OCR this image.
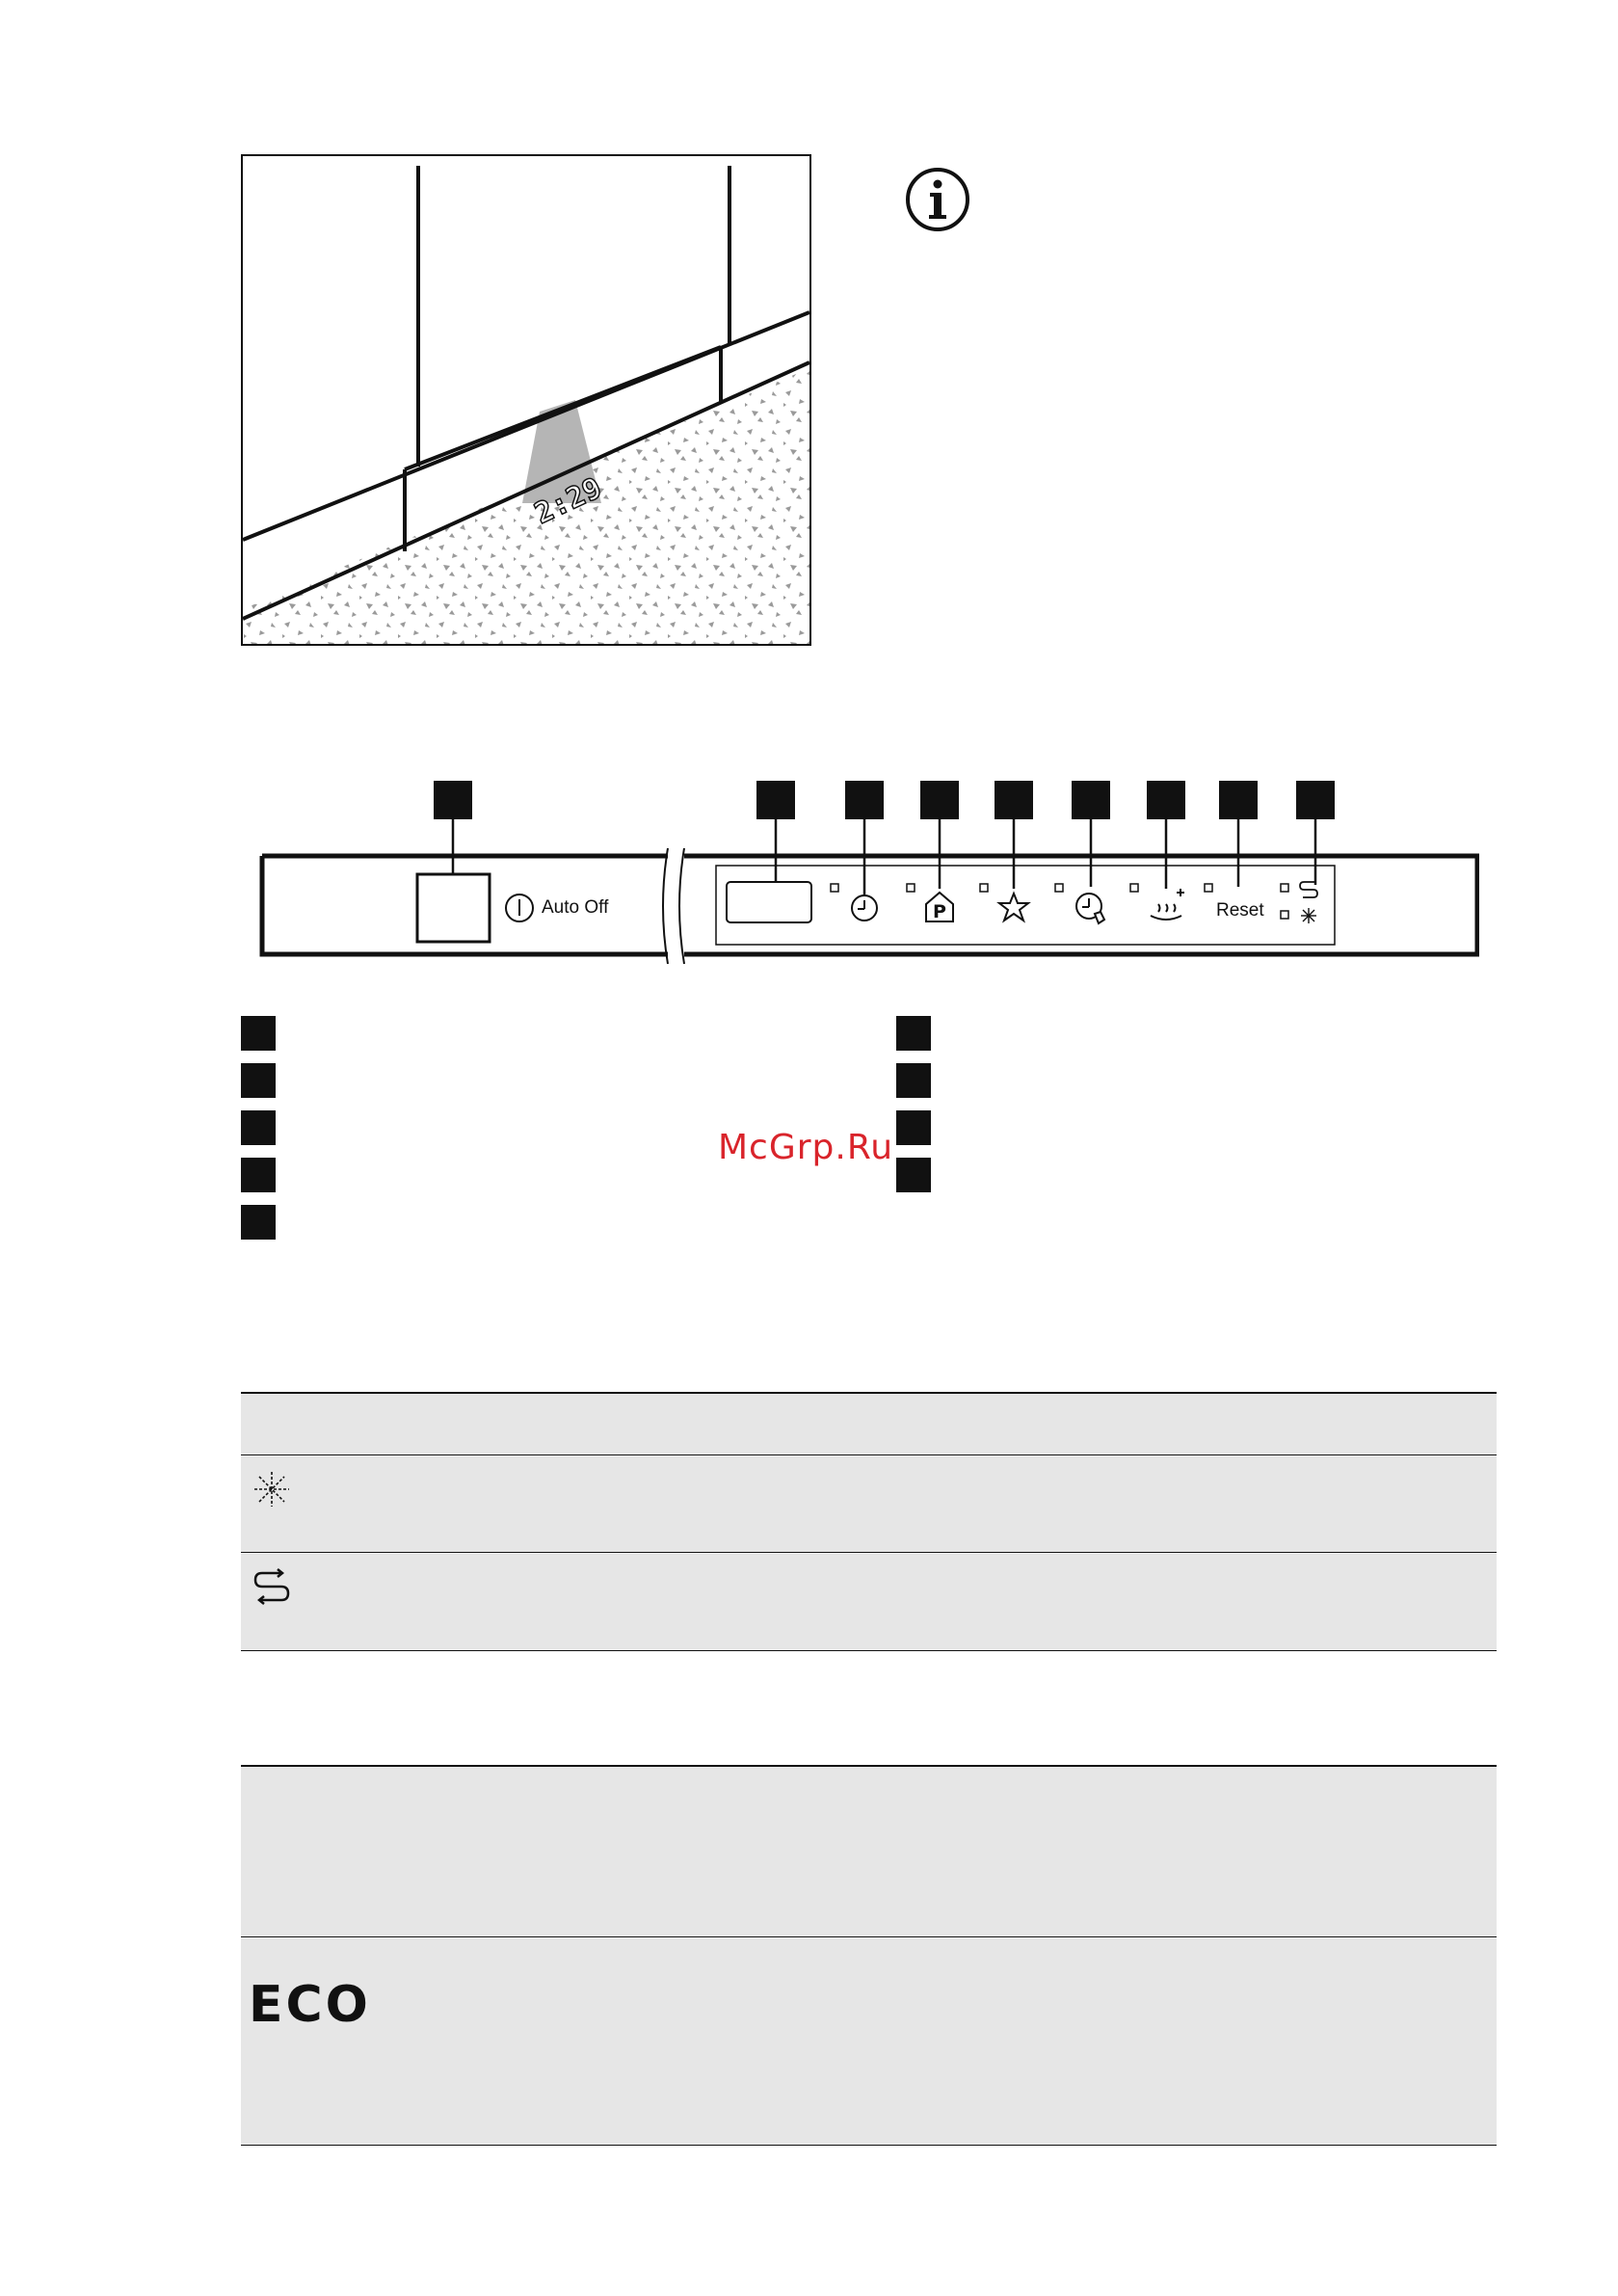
2:29
P	Reset
Auto Off
McGrp.Ru
ECO
